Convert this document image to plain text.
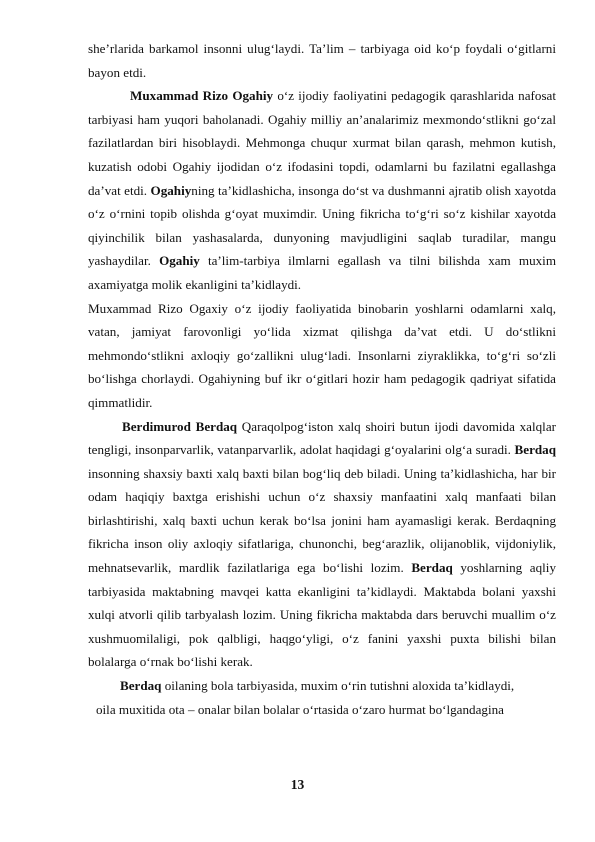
she’rlarida barkamol insonni ulug‘laydi. Ta’lim – tarbiyaga oid ko‘p foydali o‘gitlarni bayon etdi.

Muxammad Rizo Ogahiy o‘z ijodiy faoliyatini pedagogik qarashlarida nafosat tarbiyasi ham yuqori baholanadi. Ogahiy milliy an’analarimiz mexmondo‘stlikni go‘zal fazilatlardan biri hisoblaydi. Mehmonga chuqur xurmat bilan qarash, mehmon kutish, kuzatish odobi Ogahiy ijodidan o‘z ifodasini topdi, odamlarni bu fazilatni egallashga da’vat etdi. Ogahiyning ta’kidlashicha, insonga do‘st va dushmanni ajratib olish xayotda o‘z o‘rnini topib olishda g‘oyat muximdir. Uning fikricha to‘g‘ri so‘z kishilar xayotda qiyinchilik bilan yashasalarda, dunyoning mavjudligini saqlab turadilar, mangu yashaydilar. Ogahiy ta’lim-tarbiya ilmlarni egallash va tilni bilishda xam muxim axamiyatga molik ekanligini ta’kidlaydi.

Muxammad Rizo Ogaxiy o‘z ijodiy faoliyatida binobarin yoshlarni odamlarni xalq, vatan, jamiyat farovonligi yo‘lida xizmat qilishga da’vat etdi. U do‘stlikni mehmondo‘stlikni axloqiy go‘zallikni ulug‘ladi. Insonlarni ziyraklikka, to‘g‘ri so‘zli bo‘lishga chorlaydi. Ogahiyning buf ikr o‘gitlari hozir ham pedagogik qadriyat sifatida qimmatlidir.

Berdimurod Berdaq Qaraqolpog‘iston xalq shoiri butun ijodi davomida xalqlar tengligi, insonparvarlik, vatanparvarlik, adolat haqidagi g‘oyalarini olg‘a suradi. Berdaq insonning shaxsiy baxti xalq baxti bilan bog‘liq deb biladi. Uning ta’kidlashicha, har bir odam haqiqiy baxtga erishishi uchun o‘z shaxsiy manfaatini xalq manfaati bilan birlashtirishi, xalq baxti uchun kerak bo‘lsa jonini ham ayamasligi kerak. Berdaqning fikricha inson oliy axloqiy sifatlariga, chunonchi, beg‘arazlik, olijanoblik, vijdoniylik, mehnatsevarlik, mardlik fazilatlariga ega bo‘lishi lozim. Berdaq yoshlarning aqliy tarbiyasida maktabning mavqei katta ekanligini ta’kidlaydi. Maktabda bolani yaxshi xulqi atvorli qilib tarbyalash lozim. Uning fikricha maktabda dars beruvchi muallim o‘z xushmuomilaligi, pok qalbligi, haqgo‘yligi, o‘z fanini yaxshi puxta bilishi bilan bolalarga o‘rnak bo‘lishi kerak.

Berdaq oilaning bola tarbiyasida, muxim o‘rin tutishni aloxida ta’kidlaydi,

oila muxitida ota – onalar bilan bolalar o‘rtasida o‘zaro hurmat bo‘lgandagina

13
